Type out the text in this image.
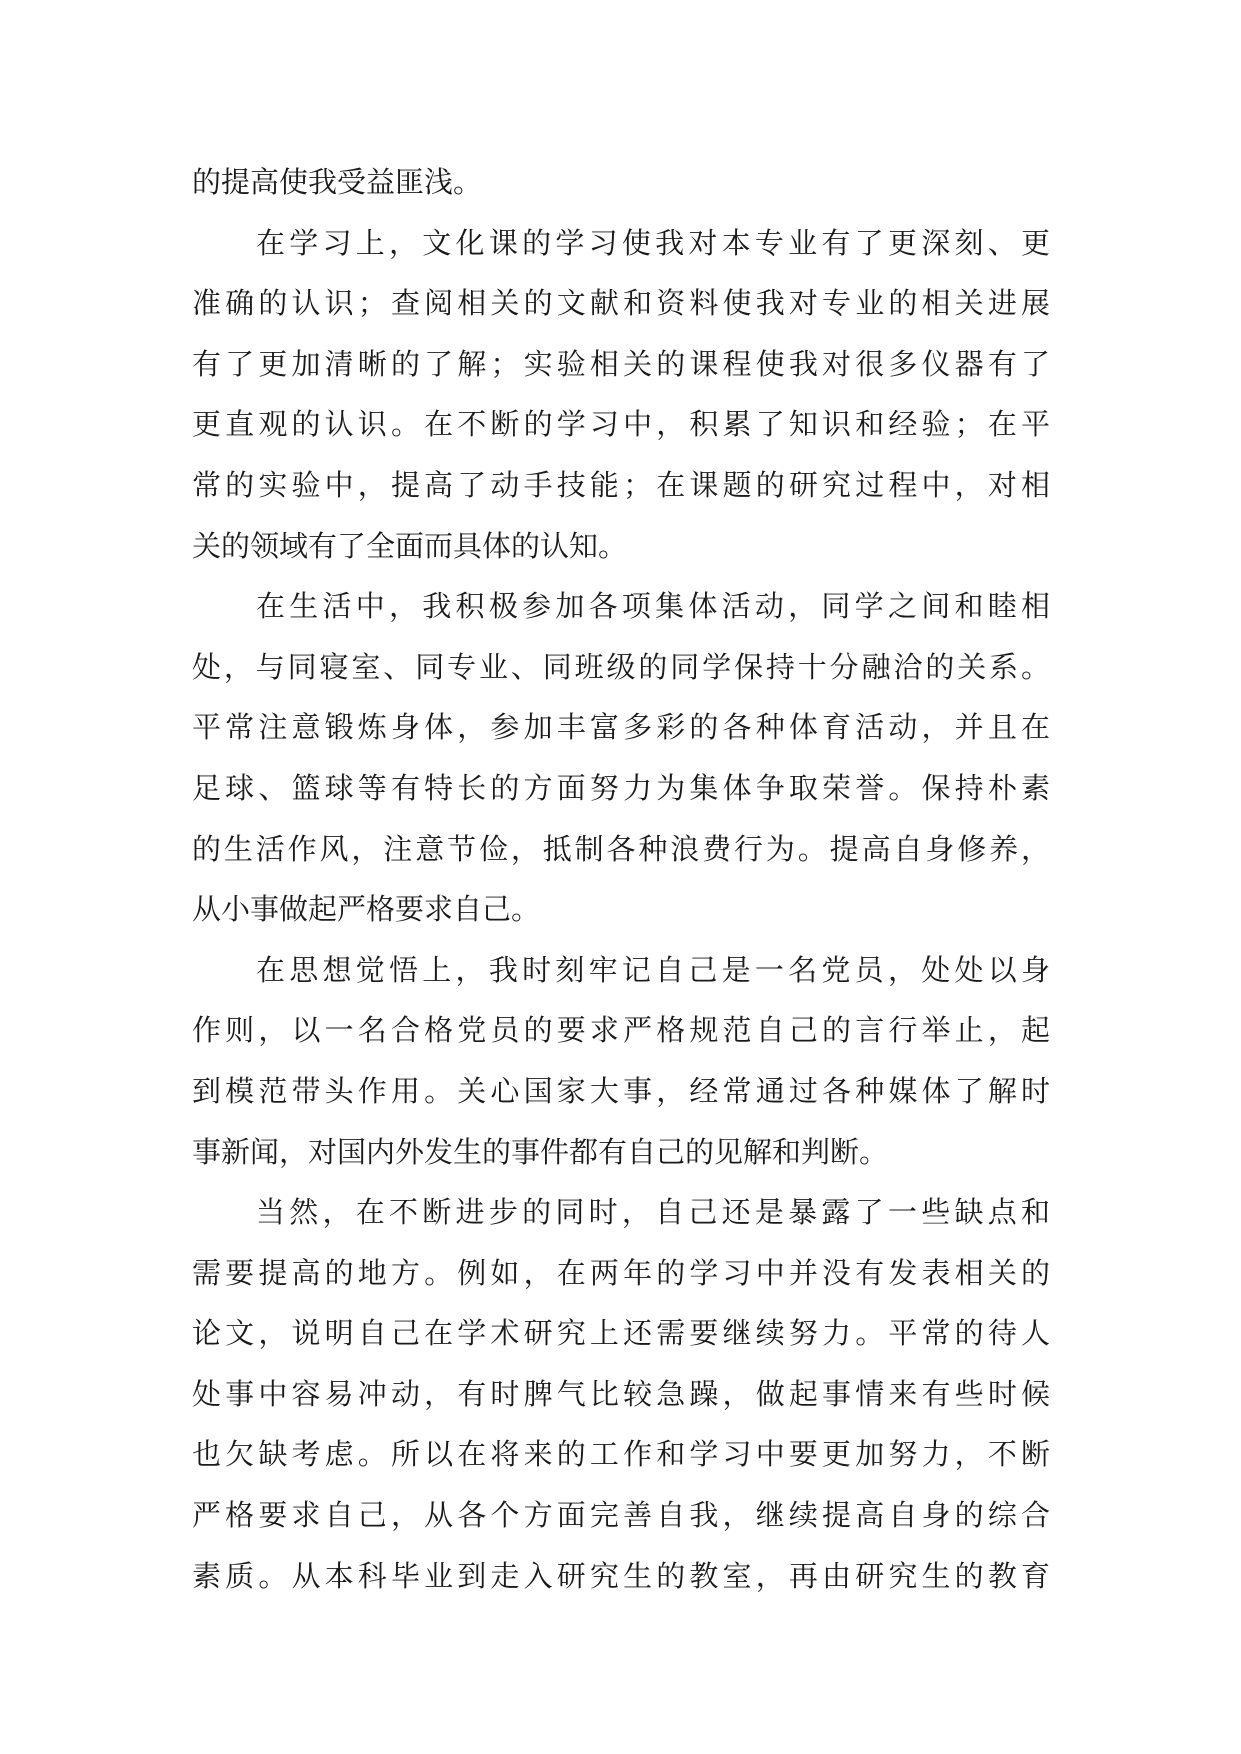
的提高使我受益匪浅。
在学习上，文化课的学习使我对本专业有了更深刻、更
准确的认识；查阅相关的文献和资料使我对专业的相关进展
有了更加清晰的了解；实验相关的课程使我对很多仪器有了
更直观的认识。在不断的学习中，积累了知识和经验；在平
常的实验中，提高了动手技能；在课题的研究过程中，对相
关的领域有了全面而具体的认知。
在生活中，我积极参加各项集体活动，同学之间和睦相
处，与同寝室、同专业、同班级的同学保持十分融洽的关系。
平常注意锻炼身体，参加丰富多彩的各种体育活动，并且在
足球、篮球等有特长的方面努力为集体争取荣誉。保持朴素
的生活作风，注意节俭，抵制各种浪费行为。提高自身修养，
从小事做起严格要求自己。
在思想觉悟上，我时刻牢记自己是一名党员，处处以身
作则，以一名合格党员的要求严格规范自己的言行举止，起
到模范带头作用。关心国家大事，经常通过各种媒体了解时
事新闻，对国内外发生的事件都有自己的见解和判断。
当然，在不断进步的同时，自己还是暴露了一些缺点和
需要提高的地方。例如，在两年的学习中并没有发表相关的
论文，说明自己在学术研究上还需要继续努力。平常的待人
处事中容易冲动，有时脾气比较急躁，做起事情来有些时候
也欠缺考虑。所以在将来的工作和学习中要更加努力，不断
严格要求自己，从各个方面完善自我，继续提高自身的综合
素质。从本科毕业到走入研究生的教室，再由研究生的教育
